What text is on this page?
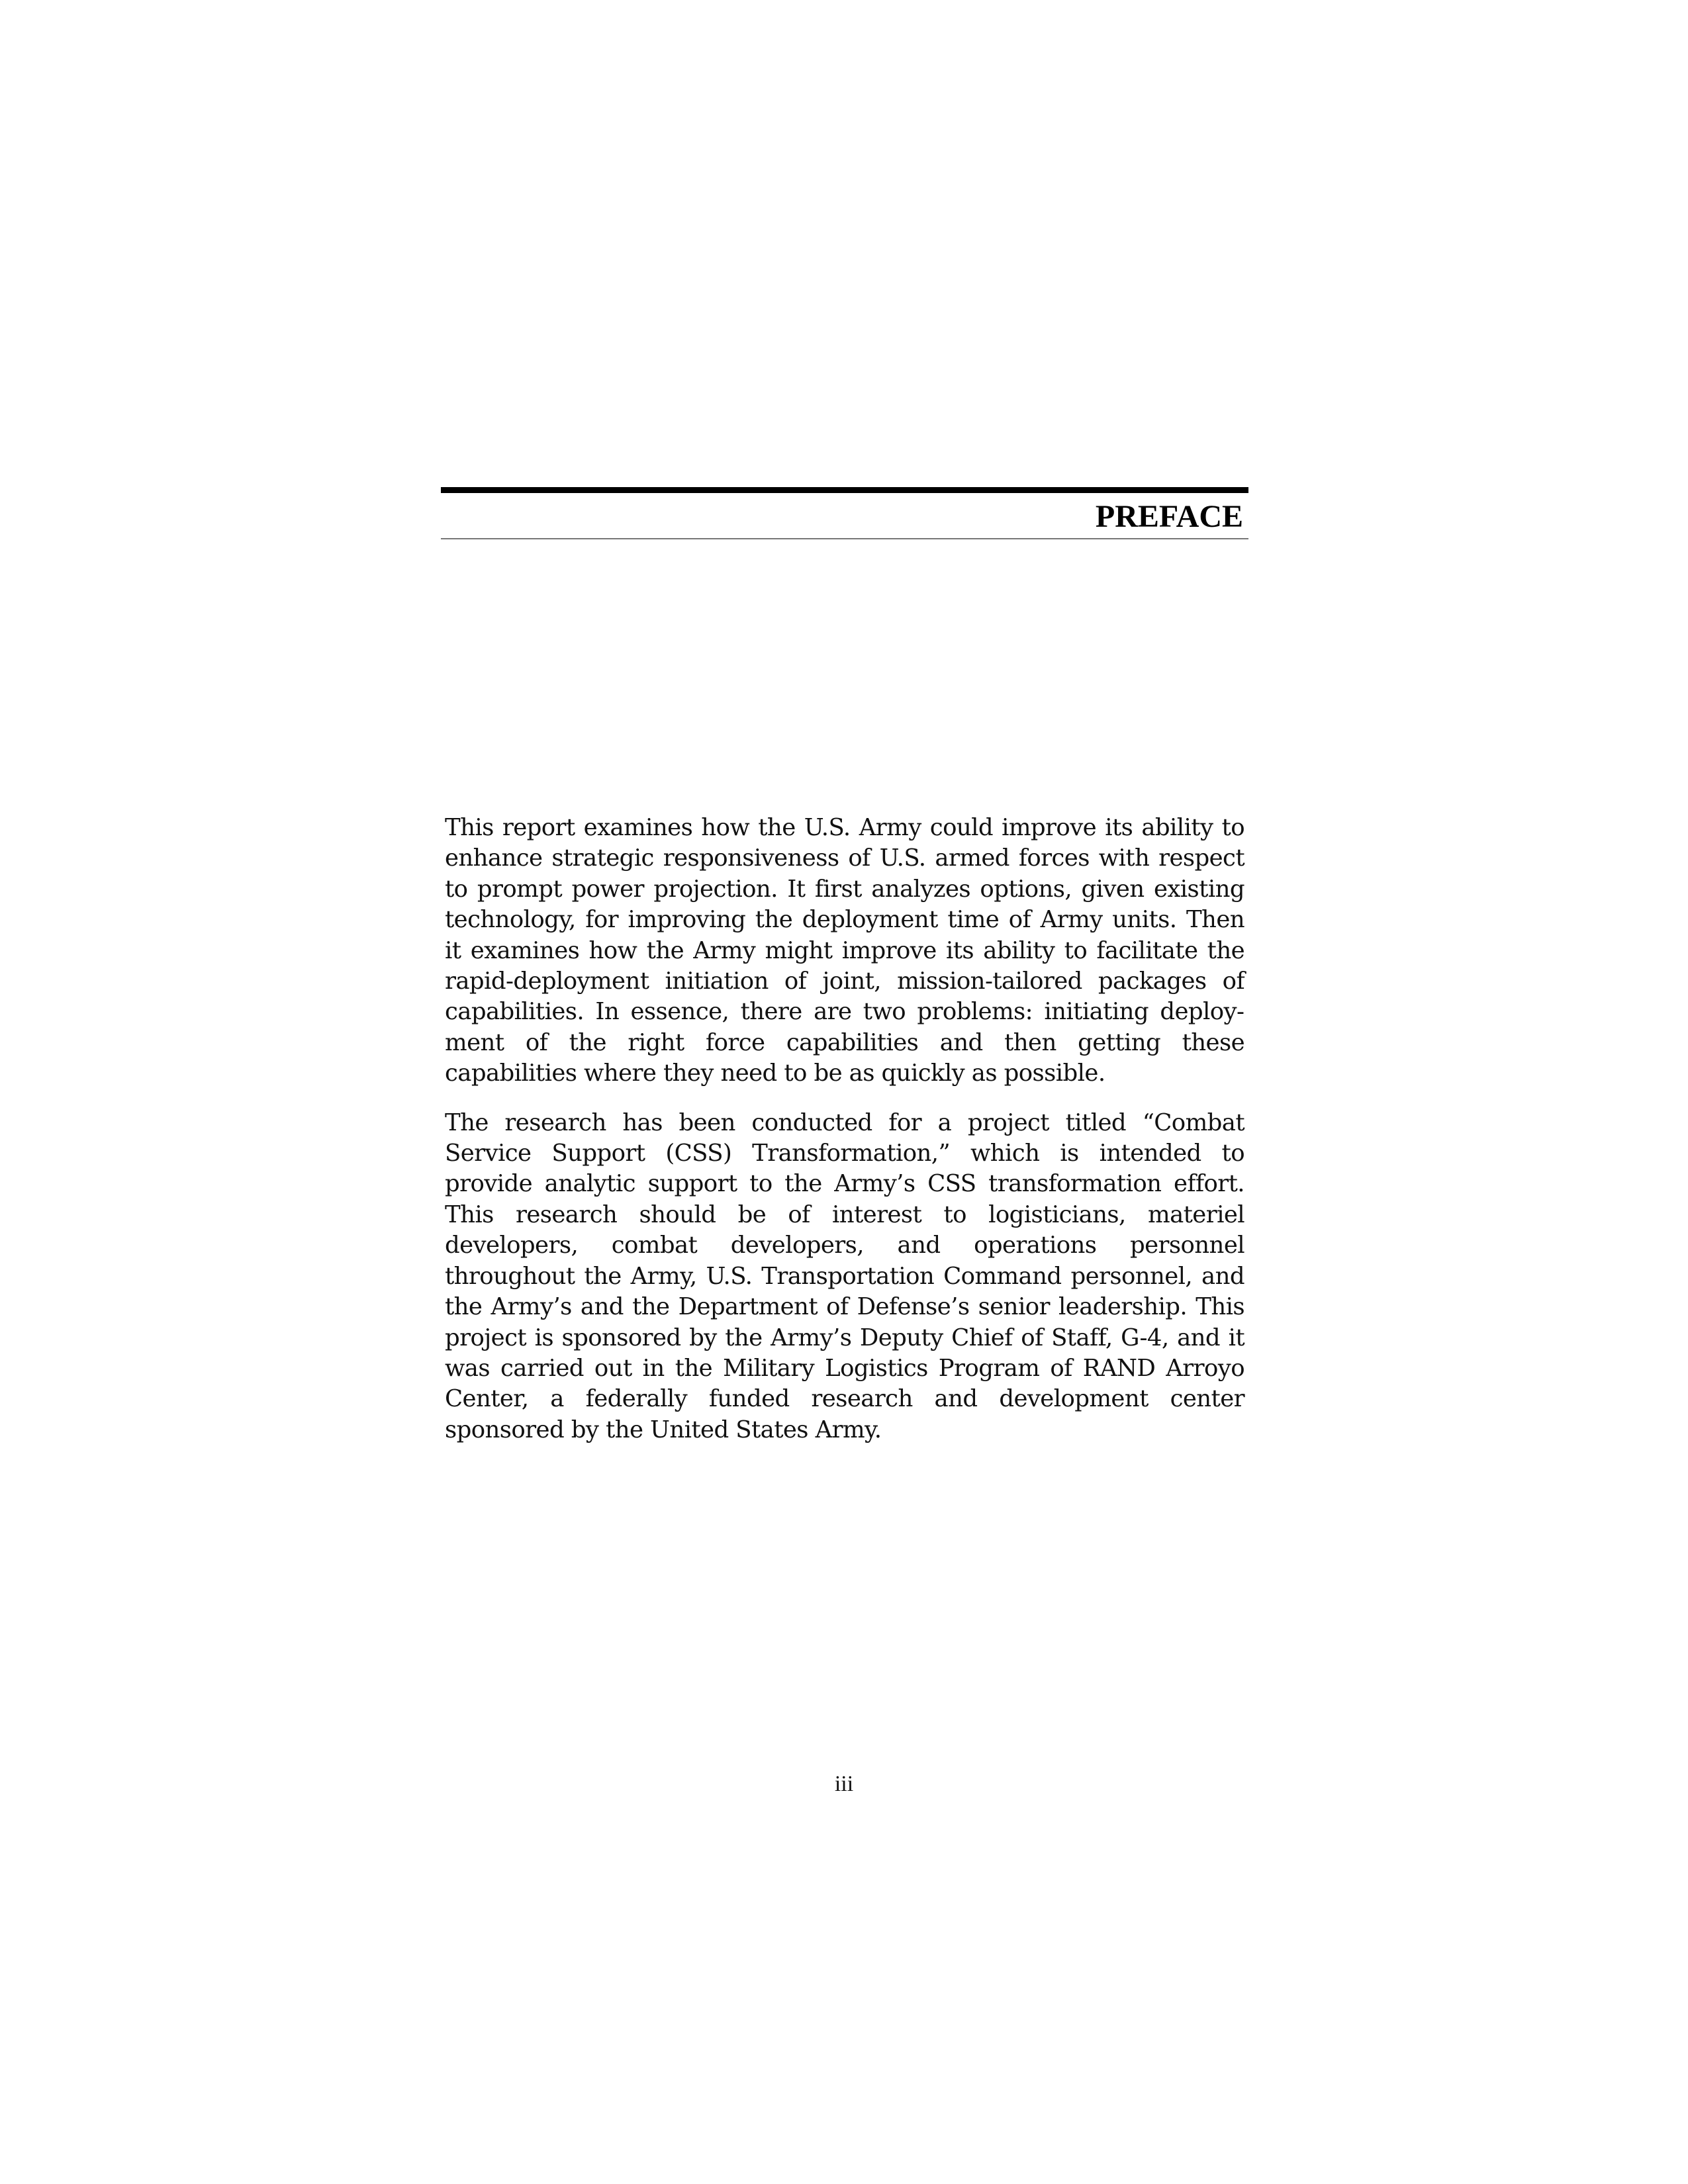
PREFACE

This report examines how the U.S. Army could improve its ability to enhance strategic responsiveness of U.S. armed forces with respect to prompt power projection. It first analyzes options, given existing technology, for improving the deployment time of Army units. Then it examines how the Army might improve its ability to facilitate the rapid-deployment initiation of joint, mission-tailored packages of capabilities. In essence, there are two problems: initiating deployment of the right force capabilities and then getting these capabilities where they need to be as quickly as possible.

The research has been conducted for a project titled “Combat Service Support (CSS) Transformation,” which is intended to provide analytic support to the Army’s CSS transformation effort. This research should be of interest to logisticians, materiel developers, combat developers, and operations personnel throughout the Army, U.S. Transportation Command personnel, and the Army’s and the Department of Defense’s senior leadership. This project is sponsored by the Army’s Deputy Chief of Staff, G-4, and it was carried out in the Military Logistics Program of RAND Arroyo Center, a federally funded research and development center sponsored by the United States Army.

iii
